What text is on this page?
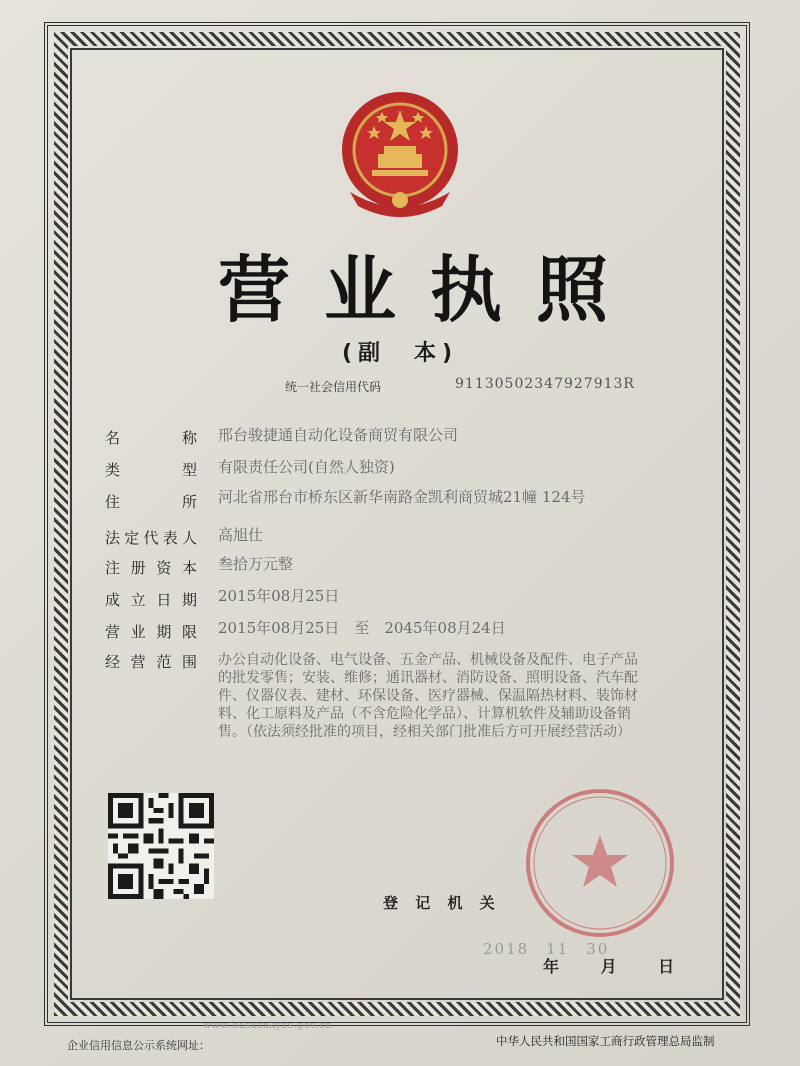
营业执照
(副　本)
统一社会信用代码	91130502347927913R
名　　称 邢台骏捷通自动化设备商贸有限公司
类　　型 有限责任公司(自然人独资)
住　　所 河北省邢台市桥东区新华南路金凯利商贸城21幢 124号
法定代表人 高旭仕
注册资本 叁拾万元整
成立日期 2015年08月25日
营业期限 2015年08月25日　至　2045年08月24日
经营范围 办公自动化设备、电气设备、五金产品、机械设备及配件、电子产品的批发零售；安装、维修；通讯器材、消防设备、照明设备、汽车配件、仪器仪表、建材、环保设备、医疗器械、保温隔热材料、装饰材料、化工原料及产品（不含危险化学品）、计算机软件及辅助设备销售。（依法须经批准的项目，经相关部门批准后方可开展经营活动）
登 记 机 关
2018　11　30
年 月 日
www.hdsxxxkyxs.gov.cn
企业信用信息公示系统网址：	中华人民共和国国家工商行政管理总局监制
